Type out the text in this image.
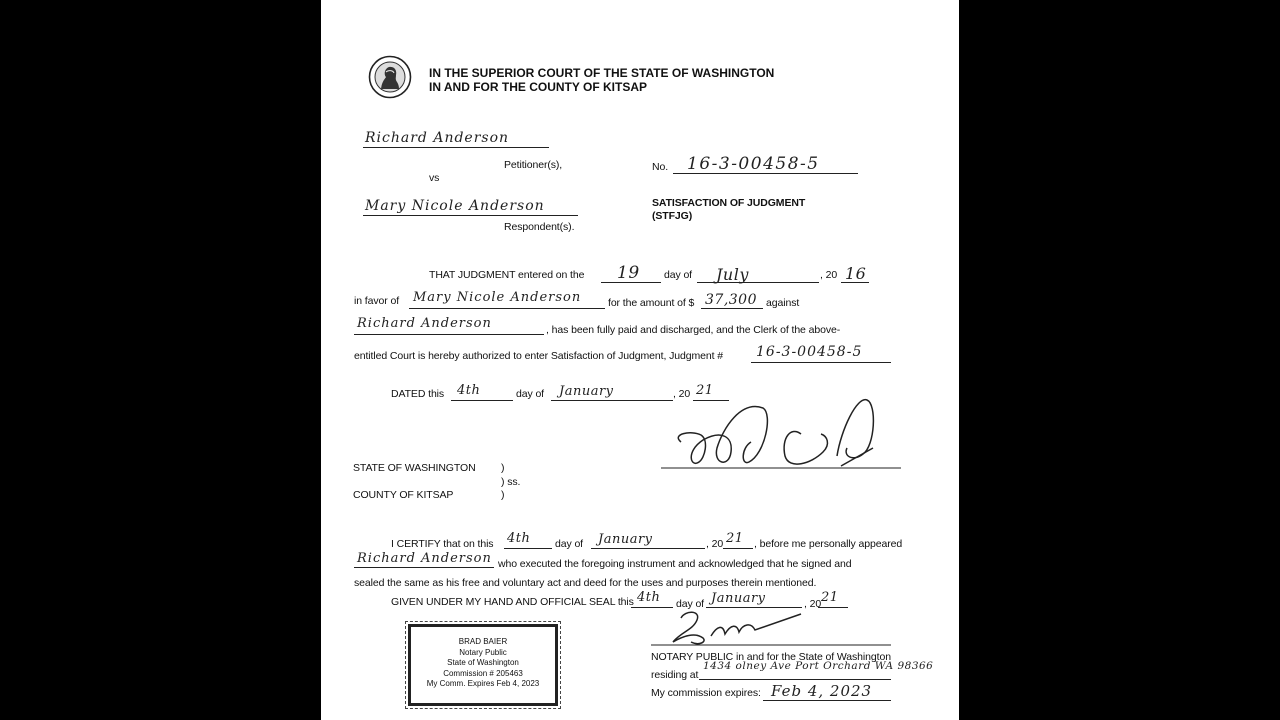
IN THE SUPERIOR COURT OF THE STATE OF WASHINGTON
IN AND FOR THE COUNTY OF KITSAP
Richard Anderson
Petitioner(s),
vs
Mary Nicole Anderson
Respondent(s).
No. 16-3-00458-5
SATISFACTION OF JUDGMENT
(STFJG)
THAT JUDGMENT entered on the 19 day of July	, 20 16
in favor of Mary Nicole Anderson	for the amount of $ 37,300 against
Richard Anderson	, has been fully paid and discharged, and the Clerk of the above-
entitled Court is hereby authorized to enter Satisfaction of Judgment, Judgment # 16-3-00458-5
DATED this 4th	day of January	, 20 21
STATE OF WASHINGTON )
) ss.
COUNTY OF KITSAP	)
I CERTIFY that on this 4th day of January	, 20 21 , before me personally appeared
Richard Anderson who executed the foregoing instrument and acknowledged that he signed and
sealed the same as his free and voluntary act and deed for the uses and purposes therein mentioned.
GIVEN UNDER MY HAND AND OFFICIAL SEAL this 4th day of January	, 20 21
BRAD BAIER
Notary Public
State of Washington
Commission # 205463
My Comm. Expires Feb 4, 2023
NOTARY PUBLIC in and for the State of Washington
residing at
1434 olney Ave Port Orchard WA 98366
My commission expires: Feb 4, 2023
